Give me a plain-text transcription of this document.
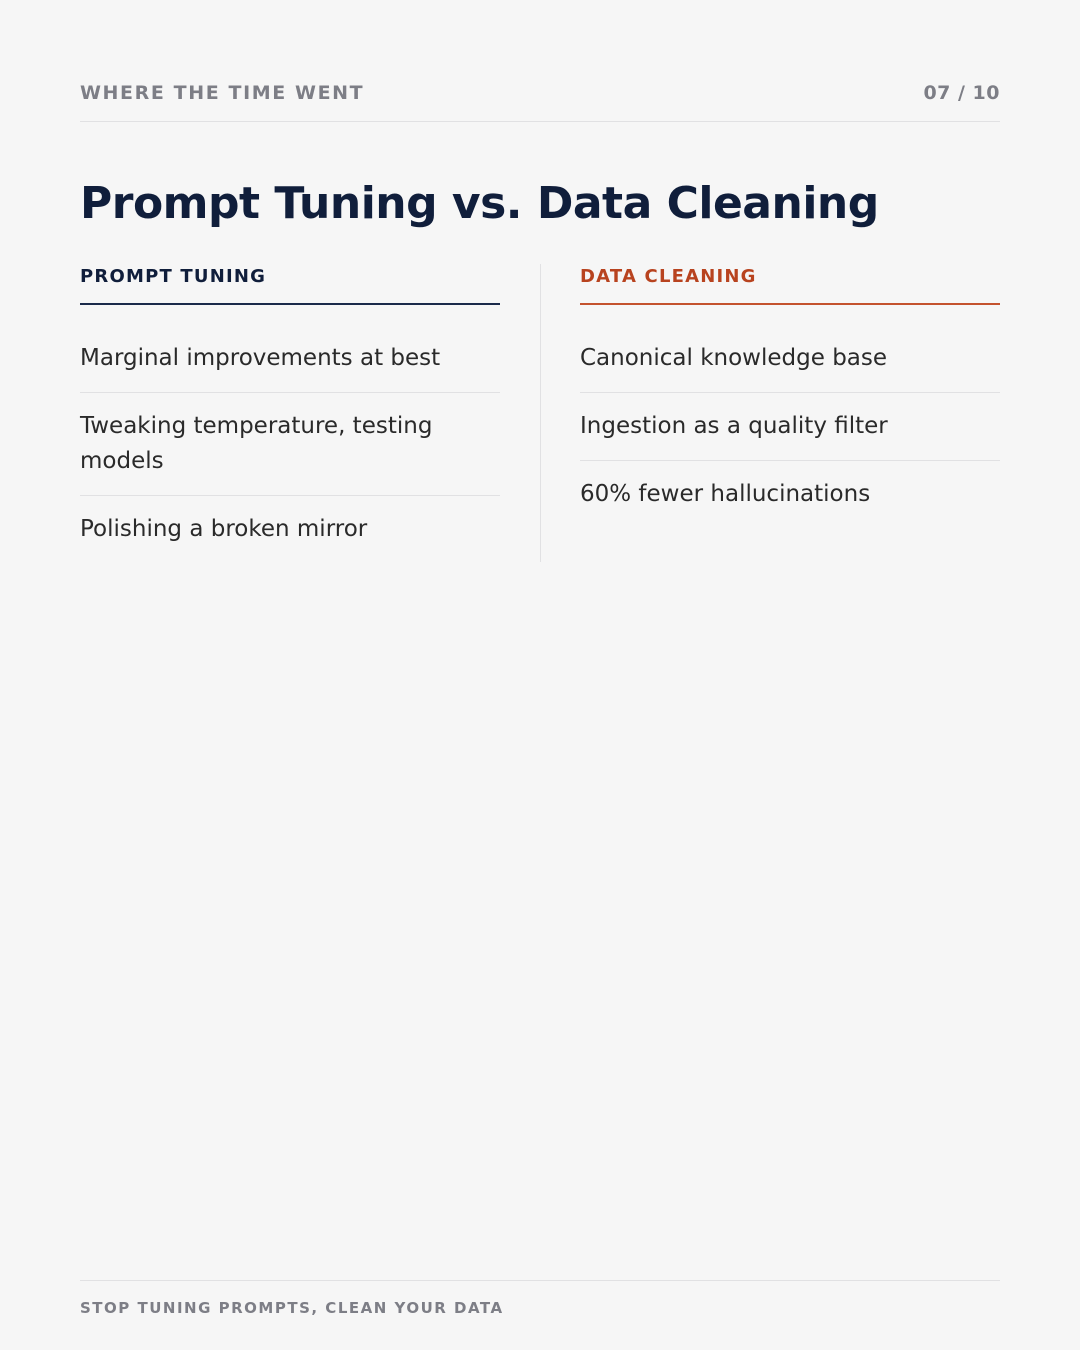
WHERE THE TIME WENT	07 / 10
Prompt Tuning vs. Data Cleaning
PROMPT TUNING
Marginal improvements at best
Tweaking temperature, testing models
Polishing a broken mirror
DATA CLEANING
Canonical knowledge base
Ingestion as a quality filter
60% fewer hallucinations
STOP TUNING PROMPTS, CLEAN YOUR DATA
